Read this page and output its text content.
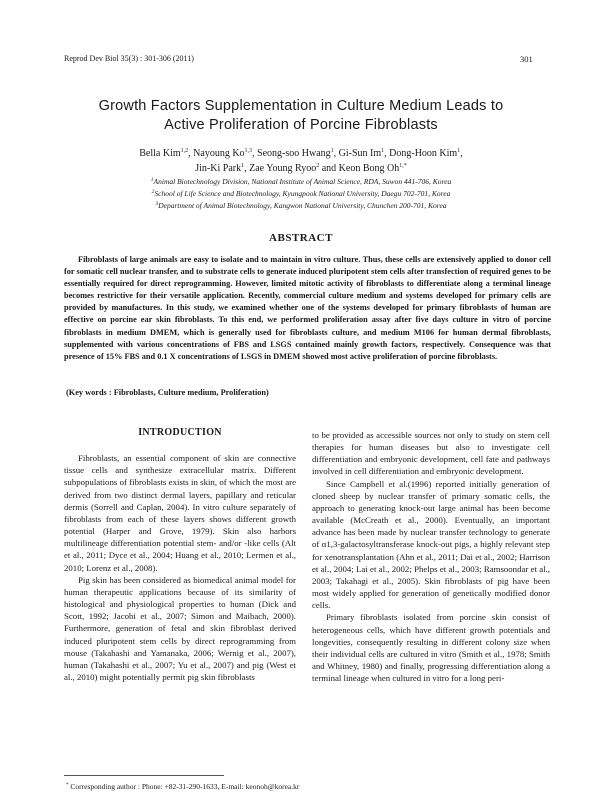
Reprod Dev Biol 35(3) : 301-306 (2011)	301
Growth Factors Supplementation in Culture Medium Leads to
Active Proliferation of Porcine Fibroblasts
Bella Kim$^{1,2}$, Nayoung Ko$^{1,3}$, Seong-soo Hwang$^1$, Gi-Sun Im$^1$, Dong-Hoon Kim$^1$,
Jin-Ki Park$^1$, Zae Young Ryoo$^2$ and Keon Bong $Oh^{1,*}$
$^1$Animal Biotechnology Division, National Institute of Animal Science, RDA, Suwon 441-706, Korea
$^2$School of Life Science and Biotechnology, Kyungpook National University, Daegu 702-701, Korea
$^3$Department of Animal Biotechnology, Kangwon National University, Chunchen 200-701, Korea
ABSTRACT
Fibroblasts of large animals are easy to isolate and to maintain in vitro culture. Thus, these cells are extensively applied to donor cell for somatic cell nuclear transfer, and to substrate cells to generate induced pluripotent stem cells after transfection of required genes to be essentially required for direct reprogramming. However, limited mitotic activity of fibroblasts to differentiate along a terminal lineage becomes restrictive for their versatile application. Recently, commercial culture medium and systems developed for primary cells are provided by manufactures. In this study, we examined whether one of the systems developed for primary fibroblasts of human are effective on porcine ear skin fibroblasts. To this end, we performed proliferation assay after five days culture in vitro of porcine fibroblasts in medium DMEM, which is generally used for fibroblasts culture, and medium M106 for human dermal fibroblasts, supplemented with various concentrations of FBS and LSGS contained mainly growth factors, respectively. Consequence was that presence of 15% FBS and 0.1 X concentrations of LSGS in DMEM showed most active proliferation of porcine fibroblasts.
(Key words : Fibroblasts, Culture medium, Proliferation)
INTRODUCTION

Fibroblasts, an essential component of skin are connective tissue cells and synthesize extracellular matrix. Different subpopulations of fibroblasts exists in skin, of which the most are derived from two distinct dermal layers, papillary and reticular dermis (Sorrell and Caplan, 2004). In vitro culture separately of fibroblasts from each of these layers shows different growth potential (Harper and Grove, 1979). Skin also harbors multilineage differentiation potential stem- and/or -like cells (Alt et al., 2011; Dyce et al., 2004; Huang et al., 2010; Lermen et al., 2010; Lorenz et al., 2008).

Pig skin has been considered as biomedical animal model for human therapeutic applications because of its similarity of histological and physiological properties to human (Dick and Scott, 1992; Jacobi et al., 2007; Simon and Maibach, 2000). Furthermore, generation of fetal and skin fibroblast derived induced pluripotent stem cells by direct reprogramming from mouse (Takahashi and Yamanaka, 2006; Wernig et al., 2007), human (Takahashi et al., 2007; Yu et al., 2007) and pig (West et al., 2010) might potentially permit pig skin fibroblasts

to be provided as accessible sources not only to study on stem cell therapies for human diseases but also to investigate cell differentiation and embryonic development, cell fate and pathways involved in cell differentiation and embryonic development.

Since Campbell et al.(1996) reported initially generation of cloned sheep by nuclear transfer of primary somatic cells, the approach to generating knock-out large animal has been become available (McCreath et al., 2000). Eventually, an important advance has been made by nuclear transfer technology to generate of α1,3-galactosyltransferase knock-out pigs, a highly relevant step for xenotransplantation (Ahn et al., 2011; Dai et al., 2002; Harrison et al., 2004; Lai et al., 2002; Phelps et al., 2003; Ramsoondar et al., 2003; Takahagi et al., 2005). Skin fibroblasts of pig have been most widely applied for generation of genetically modified donor cells.

Primary fibroblasts isolated from porcine skin consist of heterogeneous cells, which have different growth potentials and longevities, consequently resulting in different colony size when their individual cells are cultured in vitro (Smith et al., 1978; Smith and Whitney, 1980) and finally, progressing differentiation along a terminal lineage when cultured in vitro for a long peri-

* Corresponding author : Phone: +82-31-290-1633, E-mail: keonoh@korea.kr
